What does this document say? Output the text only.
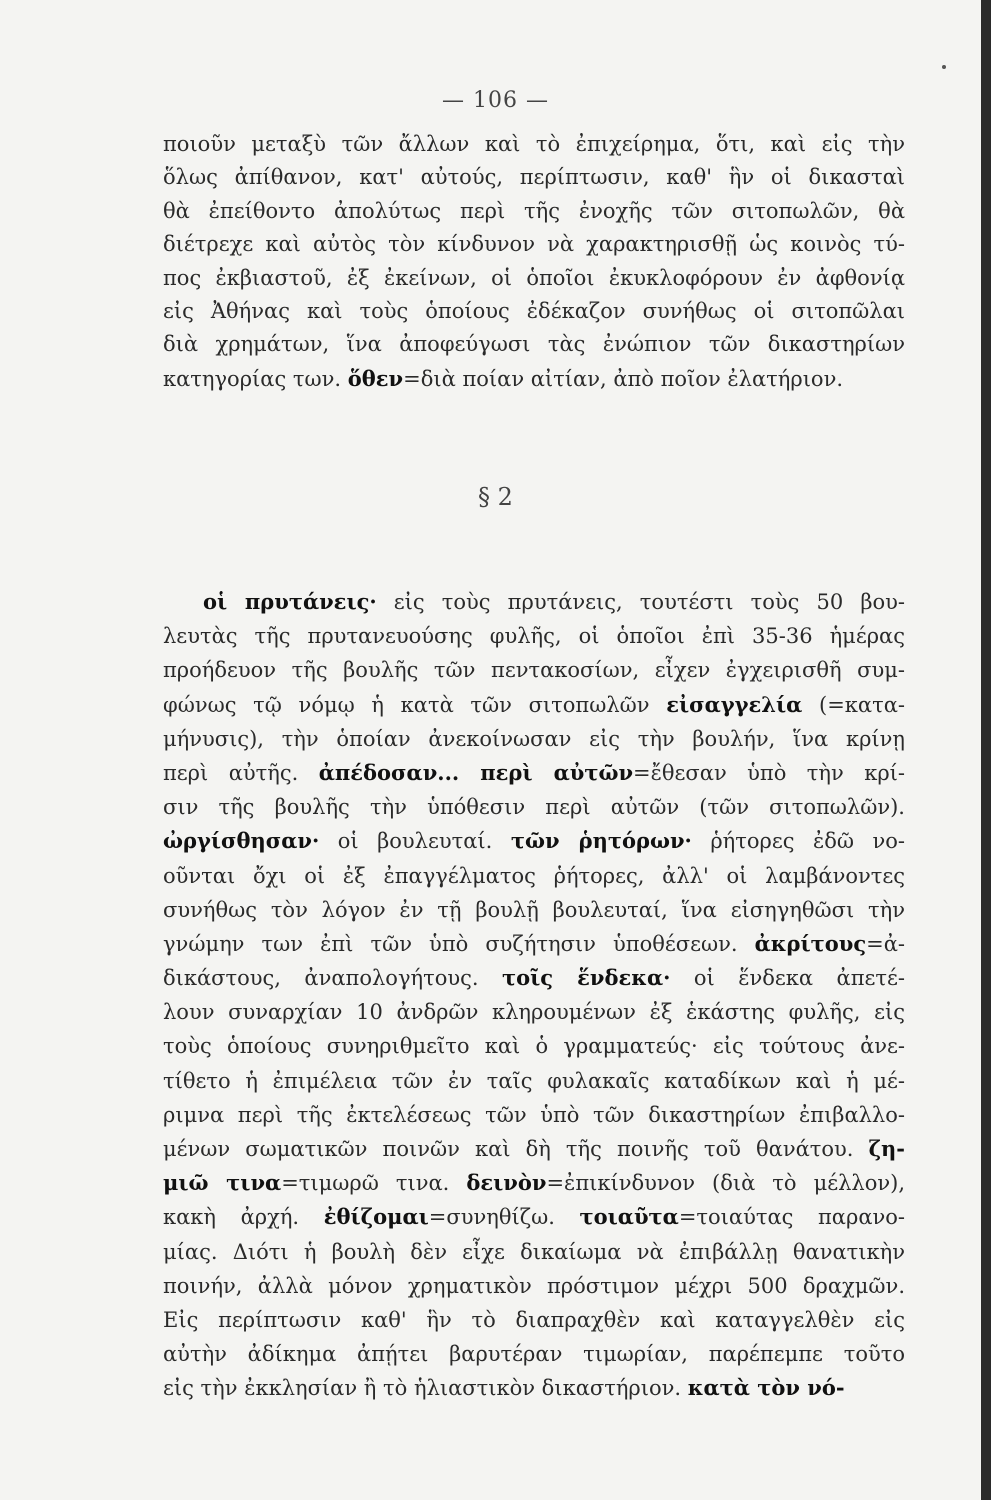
— 106 —
ποιοῦν μεταξὺ τῶν ἄλλων καὶ τὸ ἐπιχείρημα, ὅτι, καὶ εἰς τὴν
ὅλως ἀπίθανον, κατ' αὐτούς, περίπτωσιν, καθ' ἣν οἱ δικασταὶ
θὰ ἐπείθοντο ἀπολύτως περὶ τῆς ἐνοχῆς τῶν σιτοπωλῶν, θὰ
διέτρεχε καὶ αὐτὸς τὸν κίνδυνον νὰ χαρακτηρισθῇ ὡς κοινὸς τύ-
πος ἐκβιαστοῦ, ἐξ ἐκείνων, οἱ ὁποῖοι ἐκυκλοφόρουν ἐν ἀφθονίᾳ
εἰς Ἀθήνας καὶ τοὺς ὁποίους ἐδέκαζον συνήθως οἱ σιτοπῶλαι
διὰ χρημάτων, ἵνα ἀποφεύγωσι τὰς ἐνώπιον τῶν δικαστηρίων
κατηγορίας των. ὅθεν=διὰ ποίαν αἰτίαν, ἀπὸ ποῖον ἐλατήριον.
§ 2
οἱ πρυτάνεις· εἰς τοὺς πρυτάνεις, τουτέστι τοὺς 50 βου-
λευτὰς τῆς πρυτανευούσης φυλῆς, οἱ ὁποῖοι ἐπὶ 35-36 ἡμέρας
προήδευον τῆς βουλῆς τῶν πεντακοσίων, εἶχεν ἐγχειρισθῆ συμ-
φώνως τῷ νόμῳ ἡ κατὰ τῶν σιτοπωλῶν εἰσαγγελία (=κατα-
μήνυσις), τὴν ὁποίαν ἀνεκοίνωσαν εἰς τὴν βουλήν, ἵνα κρίνῃ
περὶ αὐτῆς. ἀπέδοσαν... περὶ αὐτῶν=ἔθεσαν ὑπὸ τὴν κρί-
σιν τῆς βουλῆς τὴν ὑπόθεσιν περὶ αὐτῶν (τῶν σιτοπωλῶν).
ὠργίσθησαν· οἱ βουλευταί. τῶν ῥητόρων· ῥήτορες ἐδῶ νο-
οῦνται ὄχι οἱ ἐξ ἐπαγγέλματος ῥήτορες, ἀλλ' οἱ λαμβάνοντες
συνήθως τὸν λόγον ἐν τῇ βουλῇ βουλευταί, ἵνα εἰσηγηθῶσι τὴν
γνώμην των ἐπὶ τῶν ὑπὸ συζήτησιν ὑποθέσεων. ἀκρίτους=ἀ-
δικάστους, ἀναπολογήτους. τοῖς ἕνδεκα· οἱ ἕνδεκα ἀπετέ-
λουν συναρχίαν 10 ἀνδρῶν κληρουμένων ἐξ ἑκάστης φυλῆς, εἰς
τοὺς ὁποίους συνηριθμεῖτο καὶ ὁ γραμματεύς· εἰς τούτους ἀνε-
τίθετο ἡ ἐπιμέλεια τῶν ἐν ταῖς φυλακαῖς καταδίκων καὶ ἡ μέ-
ριμνα περὶ τῆς ἐκτελέσεως τῶν ὑπὸ τῶν δικαστηρίων ἐπιβαλλο-
μένων σωματικῶν ποινῶν καὶ δὴ τῆς ποινῆς τοῦ θανάτου. ζη-
μιῶ τινα=τιμωρῶ τινα. δεινὸν=ἐπικίνδυνον (διὰ τὸ μέλλον),
κακὴ ἀρχή. ἐθίζομαι=συνηθίζω. τοιαῦτα=τοιαύτας παρανο-
μίας. Διότι ἡ βουλὴ δὲν εἶχε δικαίωμα νὰ ἐπιβάλλῃ θανατικὴν
ποινήν, ἀλλὰ μόνον χρηματικὸν πρόστιμον μέχρι 500 δραχμῶν.
Εἰς περίπτωσιν καθ' ἣν τὸ διαπραχθὲν καὶ καταγγελθὲν εἰς
αὐτὴν ἀδίκημα ἀπῄτει βαρυτέραν τιμωρίαν, παρέπεμπε τοῦτο
εἰς τὴν ἐκκλησίαν ἢ τὸ ἡλιαστικὸν δικαστήριον. κατὰ τὸν νό-
